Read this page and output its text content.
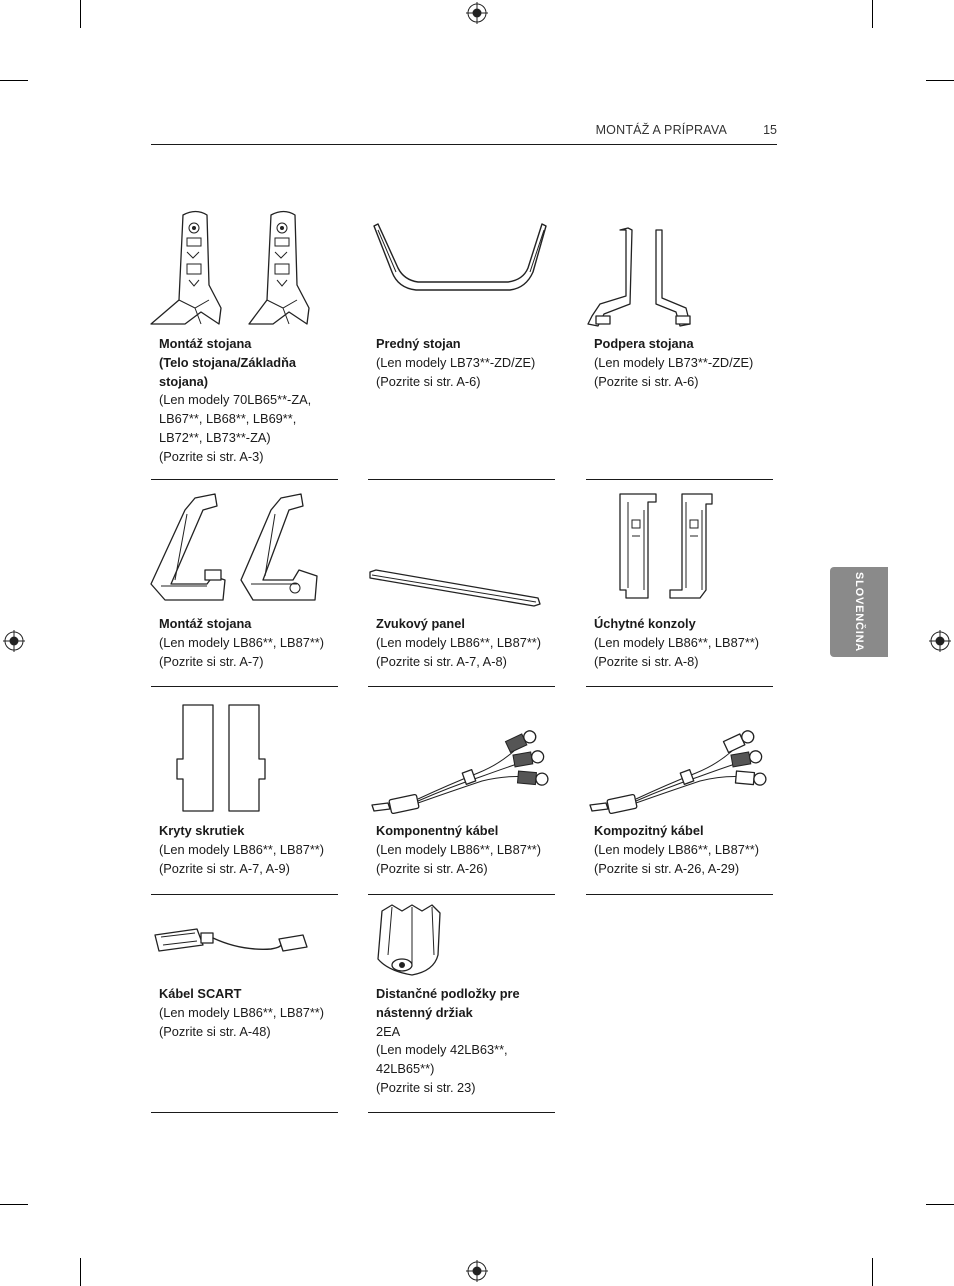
MONTÁŽ A PRÍPRAVA	15
SLOVENČINA
Montáž stojana
(Telo stojana/Základňa
stojana)
(Len modely 70LB65**-ZA,
LB67**, LB68**, LB69**,
LB72**, LB73**-ZA)
(Pozrite si str. A-3)
Predný stojan
(Len modely LB73**-ZD/ZE)
(Pozrite si str. A-6)
Podpera stojana
(Len modely LB73**-ZD/ZE)
(Pozrite si str. A-6)
Montáž stojana
(Len modely LB86**, LB87**)
(Pozrite si str. A-7)
Zvukový panel
(Len modely LB86**, LB87**)
(Pozrite si str. A-7, A-8)
Úchytné konzoly
(Len modely LB86**, LB87**)
(Pozrite si str. A-8)
Kryty skrutiek
(Len modely LB86**, LB87**)
(Pozrite si str. A-7, A-9)
Komponentný kábel
(Len modely LB86**, LB87**)
(Pozrite si str. A-26)
Kompozitný kábel
(Len modely LB86**, LB87**)
(Pozrite si str. A-26, A-29)
Kábel SCART
(Len modely LB86**, LB87**)
(Pozrite si str. A-48)
Distančné podložky pre
nástenný držiak
2EA
(Len modely 42LB63**,
42LB65**)
(Pozrite si str. 23)
